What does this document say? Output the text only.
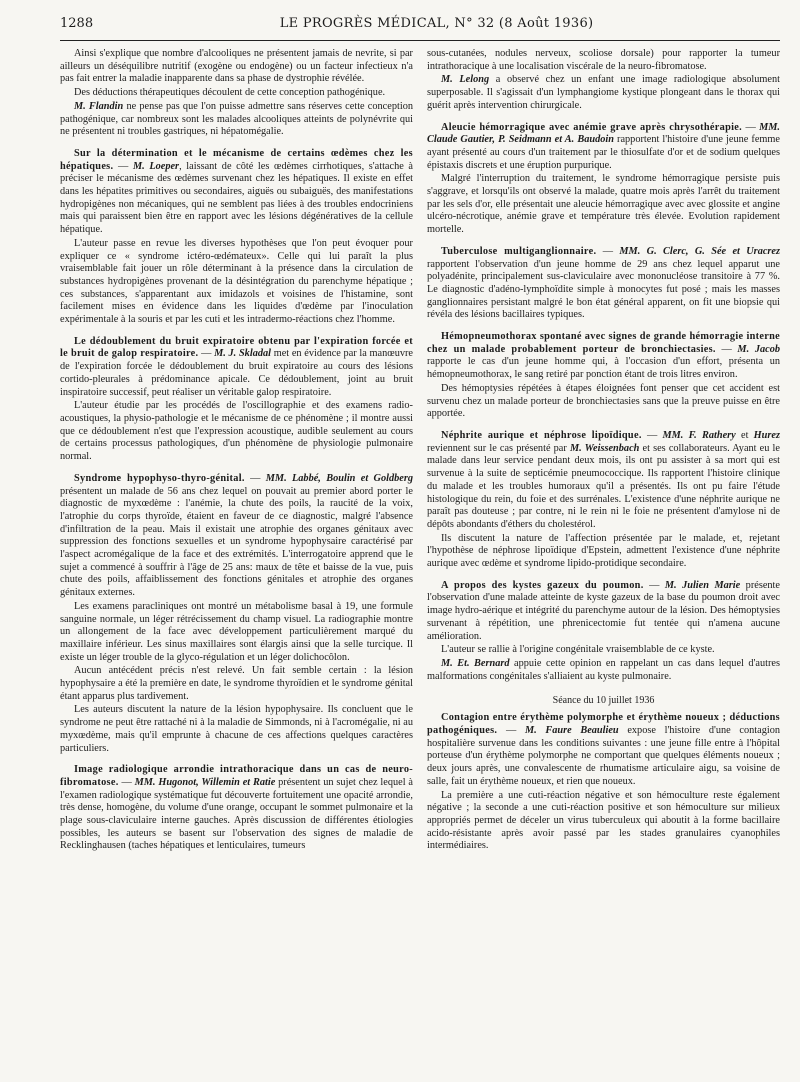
1288	LE PROGRÈS MÉDICAL, N° 32 (8 Août 1936)

Ainsi s'explique que nombre d'alcooliques ne présentent jamais de nevrite, si par ailleurs un déséquilibre nutritif (exogène ou endogène) ou un facteur infectieux n'a pas fait entrer la maladie inapparente dans sa phase de dystrophie révélée.

Des déductions thérapeutiques découlent de cette conception pathogénique.

M. Flandin ne pense pas que l'on puisse admettre sans réserves cette conception pathogénique, car nombreux sont les malades alcooliques atteints de polynévrite qui ne présentent ni troubles gastriques, ni hépatomégalie.

Sur la détermination et le mécanisme de certains œdèmes chez les hépatiques. — M. Loeper, laissant de côté les œdèmes cirrhotiques, s'attache à préciser le mécanisme des œdèmes survenant chez les hépatiques. Il existe en effet dans les hépatites primitives ou secondaires, aiguës ou subaiguës, des manifestations hydropigènes non mécaniques, qui ne semblent pas liées à des troubles endocriniens mais qui paraissent bien être en rapport avec les lésions dégénératives de la cellule hépatique.

L'auteur passe en revue les diverses hypothèses que l'on peut évoquer pour expliquer ce « syndrome ictéro-œdémateux». Celle qui lui paraît la plus vraisemblable fait jouer un rôle déterminant à la présence dans la circulation de substances hydropigènes provenant de la désintégration du parenchyme hépatique ; ces substances, s'apparentant aux imidazols et voisines de l'histamine, sont facilement mises en évidence dans les liquides d'œdème par l'inoculation expérimentale à la souris et par les cuti et les intradermo-réactions chez l'homme.

Le dédoublement du bruit expiratoire obtenu par l'expiration forcée et le bruit de galop respiratoire. — M. J. Skladal met en évidence par la manœuvre de l'expiration forcée le dédoublement du bruit expiratoire au cours des lésions cortido-pleurales à prédominance apicale. Ce dédoublement, joint au bruit inspiratoire successif, peut réaliser un véritable galop respiratoire.

L'auteur étudie par les procédés de l'oscillographie et des examens radio-acoustiques, la physio-pathologie et le mécanisme de ce phénomène ; il montre aussi que ce dédoublement n'est que l'expression acoustique, audible seulement au cours de certains processus pathologiques, d'un phénomène de physiologie pulmonaire normal.

Syndrome hypophyso-thyro-génital. — MM. Labbé, Boulin et Goldberg présentent un malade de 56 ans chez lequel on pouvait au premier abord porter le diagnostic de myxœdème : l'anémie, la chute des poils, la raucité de la voix, l'atrophie du corps thyroïde, étaient en faveur de ce diagnostic, malgré l'absence d'infiltration de la peau. Mais il existait une atrophie des organes génitaux avec suppression des fonctions sexuelles et un syndrome hypophysaire caractérisé par l'aspect acromégalique de la face et des extrémités. L'interrogatoire apprend que le sujet a commencé à souffrir à l'âge de 25 ans: maux de tête et baisse de la vue, puis chute des poils, affaiblissement des fonctions génitales et atrophie des organes génitaux externes.

Les examens paracliniques ont montré un métabolisme basal à 19, une formule sanguine normale, un léger rétrécissement du champ visuel. La radiographie montre un allongement de la face avec développement particulièrement marqué du maxillaire inférieur. Les sinus maxillaires sont élargis ainsi que la selle turcique. Il existe un léger trouble de la glyco-régulation et un léger dolichocôlon.

Aucun antécédent précis n'est relevé. Un fait semble certain : la lésion hypophysaire a été la première en date, le syndrome thyroïdien et le syndrome génital étant apparus plus tardivement.

Les auteurs discutent la nature de la lésion hypophysaire. Ils concluent que le syndrome ne peut être rattaché ni à la maladie de Simmonds, ni à l'acromégalie, ni au myxœdème, mais qu'il emprunte à chacune de ces affections quelques caractères particuliers.

Image radiologique arrondie intrathoracique dans un cas de neuro-fibromatose. — MM. Hugonot, Willemin et Ratie présentent un sujet chez lequel à l'examen radiologique systématique fut découverte fortuitement une opacité arrondie, très dense, homogène, du volume d'une orange, occupant le sommet pulmonaire et la plage sous-claviculaire interne gauches. Après discussion de différentes étiologies possibles, les auteurs se basent sur l'observation des signes de maladie de Recklinghausen (taches hépatiques et lenticulaires, tumeurs

sous-cutanées, nodules nerveux, scoliose dorsale) pour rapporter la tumeur intrathoracique à une localisation viscérale de la neuro-fibromatose.

M. Lelong a observé chez un enfant une image radiologique absolument superposable. Il s'agissait d'un lymphangiome kystique plongeant dans le thorax qui guérit après intervention chirurgicale.

Aleucie hémorragique avec anémie grave après chrysothérapie. — MM. Claude Gautier, P. Seidmann et A. Baudoin rapportent l'histoire d'une jeune femme ayant présenté au cours d'un traitement par le thiosulfate d'or et de sodium quelques épistaxis discrets et une éruption purpurique.

Malgré l'interruption du traitement, le syndrome hémorragique persiste puis s'aggrave, et lorsqu'ils ont observé la malade, quatre mois après l'arrêt du traitement par les sels d'or, elle présentait une aleucie hémorragique avec avec glossite et angine ulcéro-nécrotique, anémie grave et température très élevée. Evolution rapidement mortelle.

Tuberculose multiganglionnaire. — MM. G. Clerc, G. Sée et Uracrez rapportent l'observation d'un jeune homme de 29 ans chez lequel apparut une polyadénite, principalement sus-claviculaire avec mononucléose transitoire à 77 %. Le diagnostic d'adéno-lymphoïdite simple à monocytes fut posé ; mais les masses ganglionnaires persistant malgré le bon état général apparent, on fit une biopsie qui révéla des lésions bacillaires typiques.

Hémopneumothorax spontané avec signes de grande hémorragie interne chez un malade probablement porteur de bronchiectasies. — M. Jacob rapporte le cas d'un jeune homme qui, à l'occasion d'un effort, présenta un hémopneumothorax, le sang retiré par ponction étant de trois litres environ.

Des hémoptysies répétées à étapes éloignées font penser que cet accident est survenu chez un malade porteur de bronchiectasies sans que la preuve puisse en être apportée.

Néphrite aurique et néphrose lipoïdique. — MM. F. Rathery et Hurez reviennent sur le cas présenté par M. Weissenbach et ses collaborateurs. Ayant eu le malade dans leur service pendant deux mois, ils ont pu assister à sa mort qui est survenue à la suite de septicémie pneumococcique. Ils rapportent l'histoire clinique du malade et les troubles humoraux qu'il a présentés. Ils ont pu faire l'étude histologique du rein, du foie et des surrénales. L'existence d'une néphrite aurique ne paraît pas douteuse ; par contre, ni le rein ni le foie ne présentent d'amylose ni de dépôts abondants d'éthers du cholestérol.

Ils discutent la nature de l'affection présentée par le malade, et, rejetant l'hypothèse de néphrose lipoïdique d'Epstein, admettent l'existence d'une néphrite aurique avec œdème et syndrome lipido-protidique secondaire.

A propos des kystes gazeux du poumon. — M. Julien Marie présente l'observation d'une malade atteinte de kyste gazeux de la base du poumon droit avec image hydro-aérique et intégrité du parenchyme autour de la lésion. Des hémoptysies survenant à répétition, une phrenicectomie fut tentée qui n'amena aucune amélioration.

L'auteur se rallie à l'origine congénitale vraisemblable de ce kyste.

M. Et. Bernard appuie cette opinion en rappelant un cas dans lequel d'autres malformations congénitales s'alliaient au kyste pulmonaire.

Séance du 10 juillet 1936

Contagion entre érythème polymorphe et érythème noueux ; déductions pathogéniques. — M. Faure Beaulieu expose l'histoire d'une contagion hospitalière survenue dans les conditions suivantes : une jeune fille entre à l'hôpital porteuse d'un érythème polymorphe ne comportant que quelques éléments noueux ; deux jours après, une convalescente de rhumatisme articulaire aigu, sa voisine de salle, fait un érythème noueux, et rien que noueux.

La première a une cuti-réaction négative et son hémoculture reste également négative ; la seconde a une cuti-réaction positive et son hémoculture sur milieux appropriés permet de déceler un virus tuberculeux qui aboutit à la forme bacillaire acido-résistante après avoir passé par les stades granulaires cyanophiles intermédiaires.
